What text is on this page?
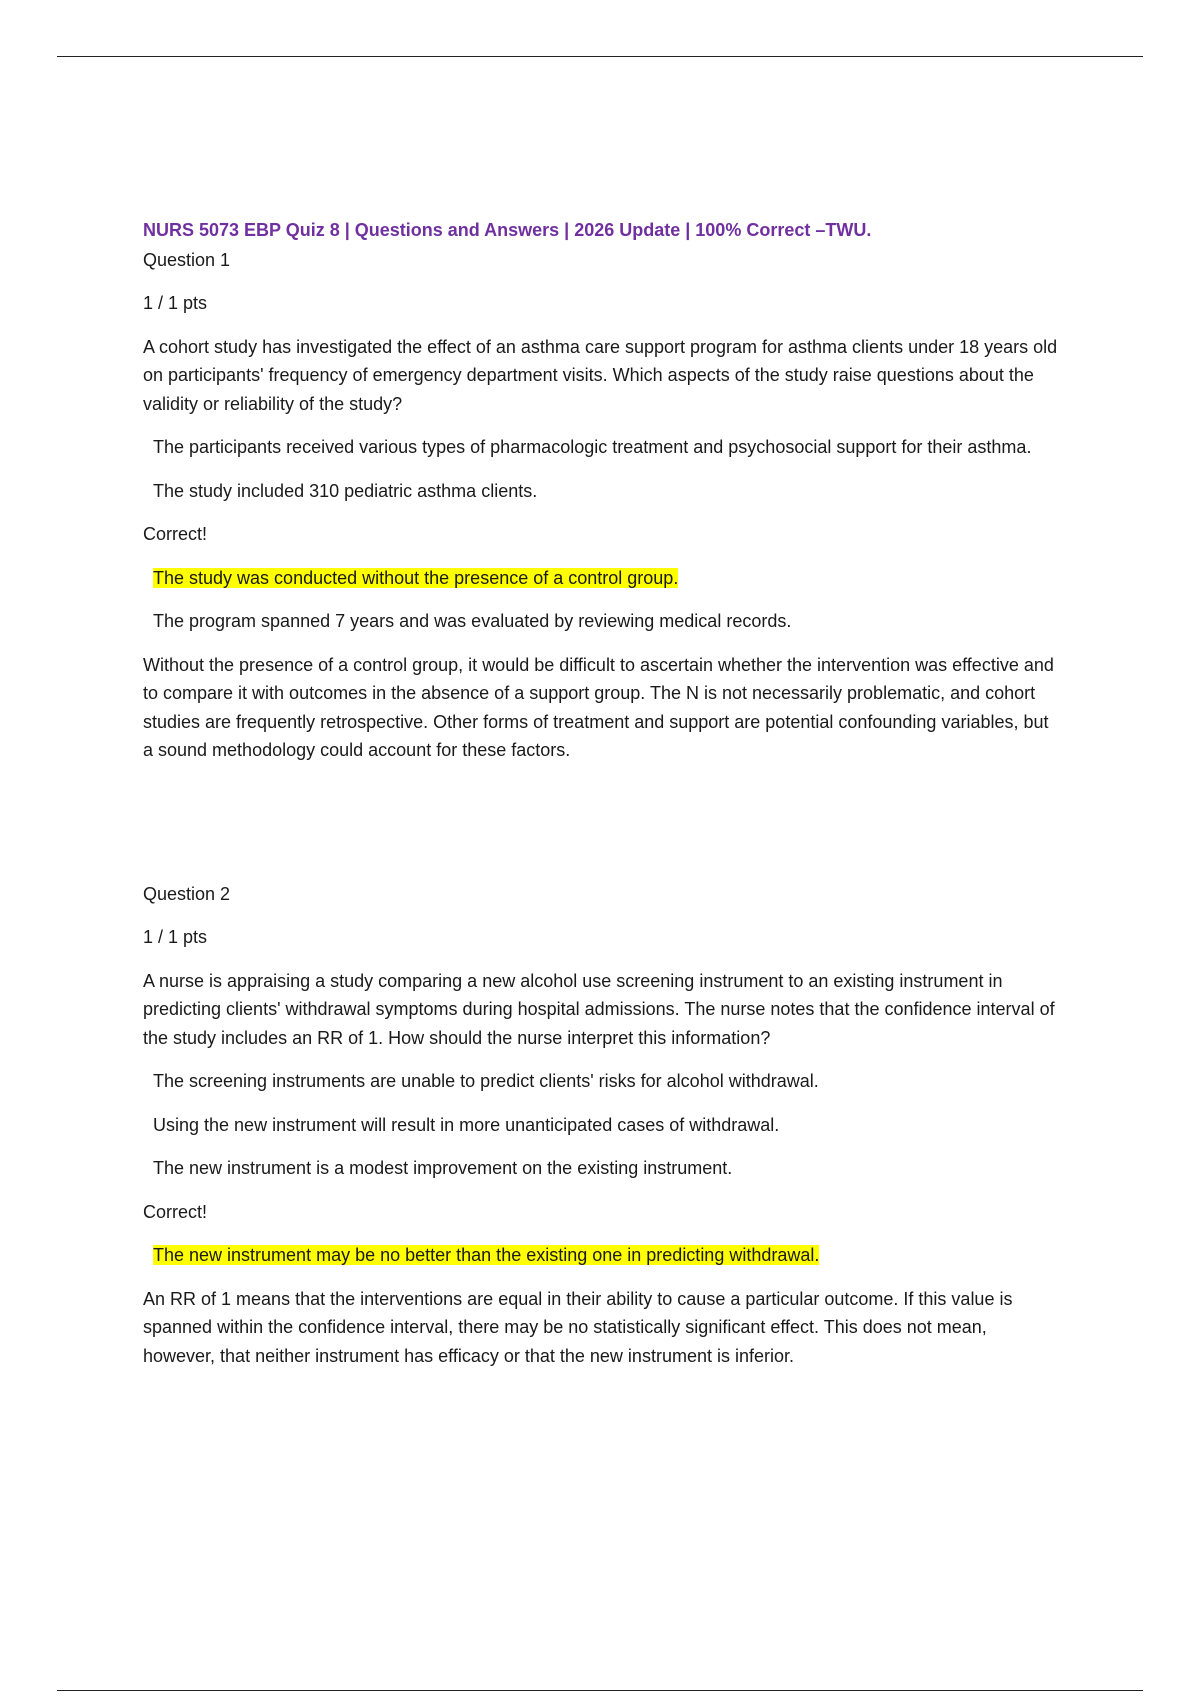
NURS 5073 EBP Quiz 8 | Questions and Answers | 2026 Update | 100% Correct –TWU.

Question 1

1 / 1 pts

A cohort study has investigated the effect of an asthma care support program for asthma clients under 18 years old on participants' frequency of emergency department visits. Which aspects of the study raise questions about the validity or reliability of the study?

The participants received various types of pharmacologic treatment and psychosocial support for their asthma.

The study included 310 pediatric asthma clients.

Correct!

The study was conducted without the presence of a control group.

The program spanned 7 years and was evaluated by reviewing medical records.

Without the presence of a control group, it would be difficult to ascertain whether the intervention was effective and to compare it with outcomes in the absence of a support group. The N is not necessarily problematic, and cohort studies are frequently retrospective. Other forms of treatment and support are potential confounding variables, but a sound methodology could account for these factors.

Question 2

1 / 1 pts

A nurse is appraising a study comparing a new alcohol use screening instrument to an existing instrument in predicting clients' withdrawal symptoms during hospital admissions. The nurse notes that the confidence interval of the study includes an RR of 1. How should the nurse interpret this information?

The screening instruments are unable to predict clients' risks for alcohol withdrawal.

Using the new instrument will result in more unanticipated cases of withdrawal.

The new instrument is a modest improvement on the existing instrument.

Correct!

The new instrument may be no better than the existing one in predicting withdrawal.

An RR of 1 means that the interventions are equal in their ability to cause a particular outcome. If this value is spanned within the confidence interval, there may be no statistically significant effect. This does not mean, however, that neither instrument has efficacy or that the new instrument is inferior.
